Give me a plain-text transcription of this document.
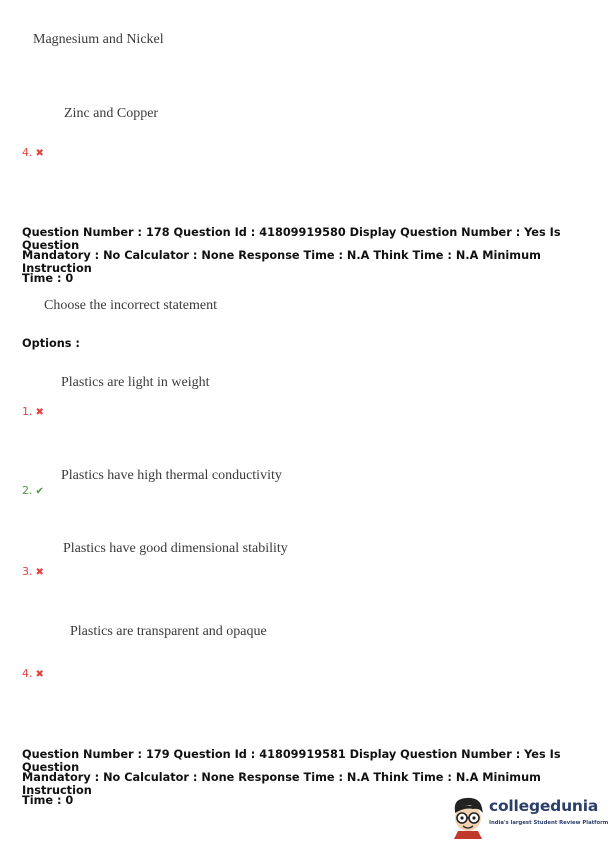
Magnesium and Nickel
Zinc and Copper
4. ✖
Question Number : 178 Question Id : 41809919580 Display Question Number : Yes Is Question
Mandatory : No Calculator : None Response Time : N.A Think Time : N.A Minimum Instruction
Time : 0
Choose the incorrect statement
Options :
Plastics are light in weight
1. ✖
Plastics have high thermal conductivity
2. ✔
Plastics have good dimensional stability
3. ✖
Plastics are transparent and opaque
4. ✖
Question Number : 179 Question Id : 41809919581 Display Question Number : Yes Is Question
Mandatory : No Calculator : None Response Time : N.A Think Time : N.A Minimum Instruction
Time : 0	collegedunia
India's largest Student Review Platform
